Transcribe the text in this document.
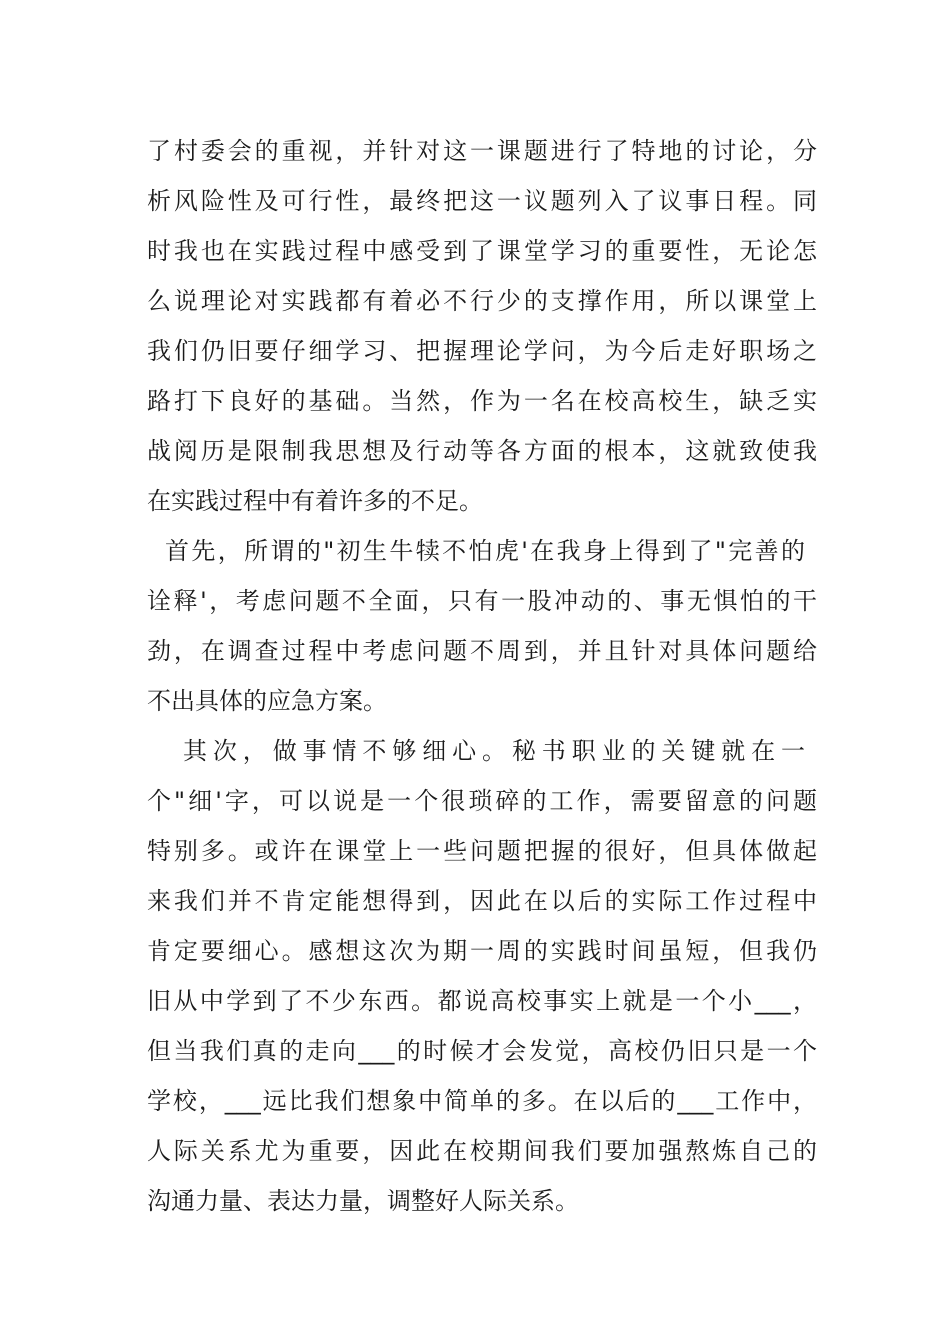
了村委会的重视，并针对这一课题进行了特地的讨论，分
析风险性及可行性，最终把这一议题列入了议事日程。同
时我也在实践过程中感受到了课堂学习的重要性，无论怎
么说理论对实践都有着必不行少的支撑作用，所以课堂上
我们仍旧要仔细学习、把握理论学问，为今后走好职场之
路打下良好的基础。当然，作为一名在校高校生，缺乏实
战阅历是限制我思想及行动等各方面的根本，这就致使我
在实践过程中有着许多的不足。
首先，所谓的"初生牛犊不怕虎'在我身上得到了"完善的
诠释'，考虑问题不全面，只有一股冲动的、事无惧怕的干
劲，在调查过程中考虑问题不周到，并且针对具体问题给
不出具体的应急方案。
其次，做事情不够细心。秘书职业的关键就在一
个"细'字，可以说是一个很琐碎的工作，需要留意的问题
特别多。或许在课堂上一些问题把握的很好，但具体做起
来我们并不肯定能想得到，因此在以后的实际工作过程中
肯定要细心。感想这次为期一周的实践时间虽短，但我仍
旧从中学到了不少东西。都说高校事实上就是一个小___，
但当我们真的走向___的时候才会发觉，高校仍旧只是一个
学校，___远比我们想象中简单的多。在以后的___工作中，
人际关系尤为重要，因此在校期间我们要加强熬炼自己的
沟通力量、表达力量，调整好人际关系。
